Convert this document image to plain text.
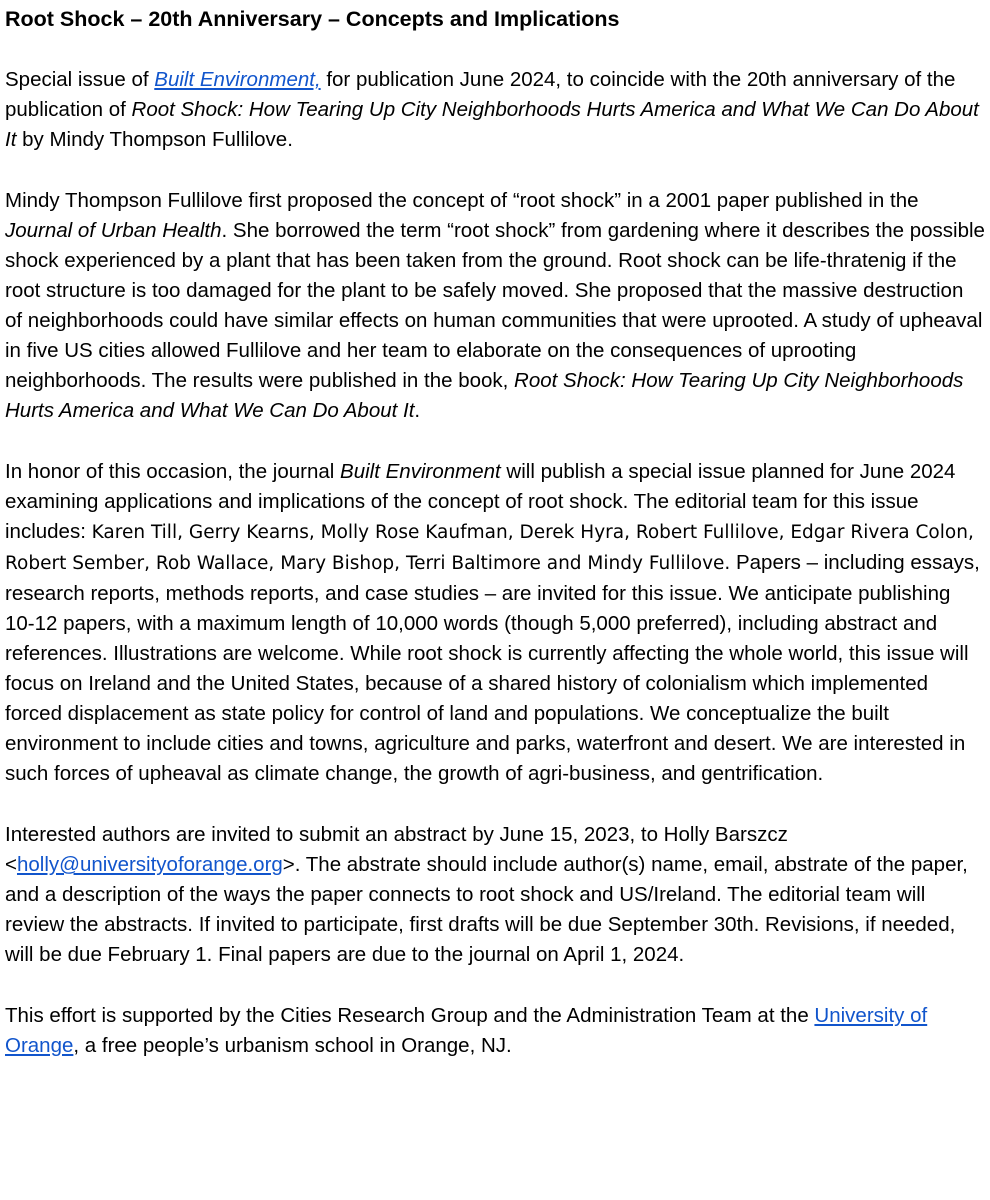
Root Shock – 20th Anniversary – Concepts and Implications

Special issue of Built Environment, for publication June 2024, to coincide with the 20th anniversary of the publication of Root Shock: How Tearing Up City Neighborhoods Hurts America and What We Can Do About It by Mindy Thompson Fullilove.

Mindy Thompson Fullilove first proposed the concept of “root shock” in a 2001 paper published in the Journal of Urban Health. She borrowed the term “root shock” from gardening where it describes the possible shock experienced by a plant that has been taken from the ground. Root shock can be life-thratenig if the root structure is too damaged for the plant to be safely moved. She proposed that the massive destruction of neighborhoods could have similar effects on human communities that were uprooted. A study of upheaval in five US cities allowed Fullilove and her team to elaborate on the consequences of uprooting neighborhoods. The results were published in the book, Root Shock: How Tearing Up City Neighborhoods Hurts America and What We Can Do About It.

In honor of this occasion, the journal Built Environment will publish a special issue planned for June 2024 examining applications and implications of the concept of root shock. The editorial team for this issue includes: Karen Till, Gerry Kearns, Molly Rose Kaufman, Derek Hyra, Robert Fullilove, Edgar Rivera Colon, Robert Sember, Rob Wallace, Mary Bishop, Terri Baltimore and Mindy Fullilove. Papers – including essays, research reports, methods reports, and case studies – are invited for this issue. We anticipate publishing 10-12 papers, with a maximum length of 10,000 words (though 5,000 preferred), including abstract and references. Illustrations are welcome. While root shock is currently affecting the whole world, this issue will focus on Ireland and the United States, because of a shared history of colonialism which implemented forced displacement as state policy for control of land and populations. We conceptualize the built environment to include cities and towns, agriculture and parks, waterfront and desert. We are interested in such forces of upheaval as climate change, the growth of agri-business, and gentrification.

Interested authors are invited to submit an abstract by June 15, 2023, to Holly Barszcz <holly@universityoforange.org>. The abstrate should include author(s) name, email, abstrate of the paper, and a description of the ways the paper connects to root shock and US/Ireland. The editorial team will review the abstracts. If invited to participate, first drafts will be due September 30th. Revisions, if needed, will be due February 1. Final papers are due to the journal on April 1, 2024.

This effort is supported by the Cities Research Group and the Administration Team at the University of Orange, a free people’s urbanism school in Orange, NJ.
